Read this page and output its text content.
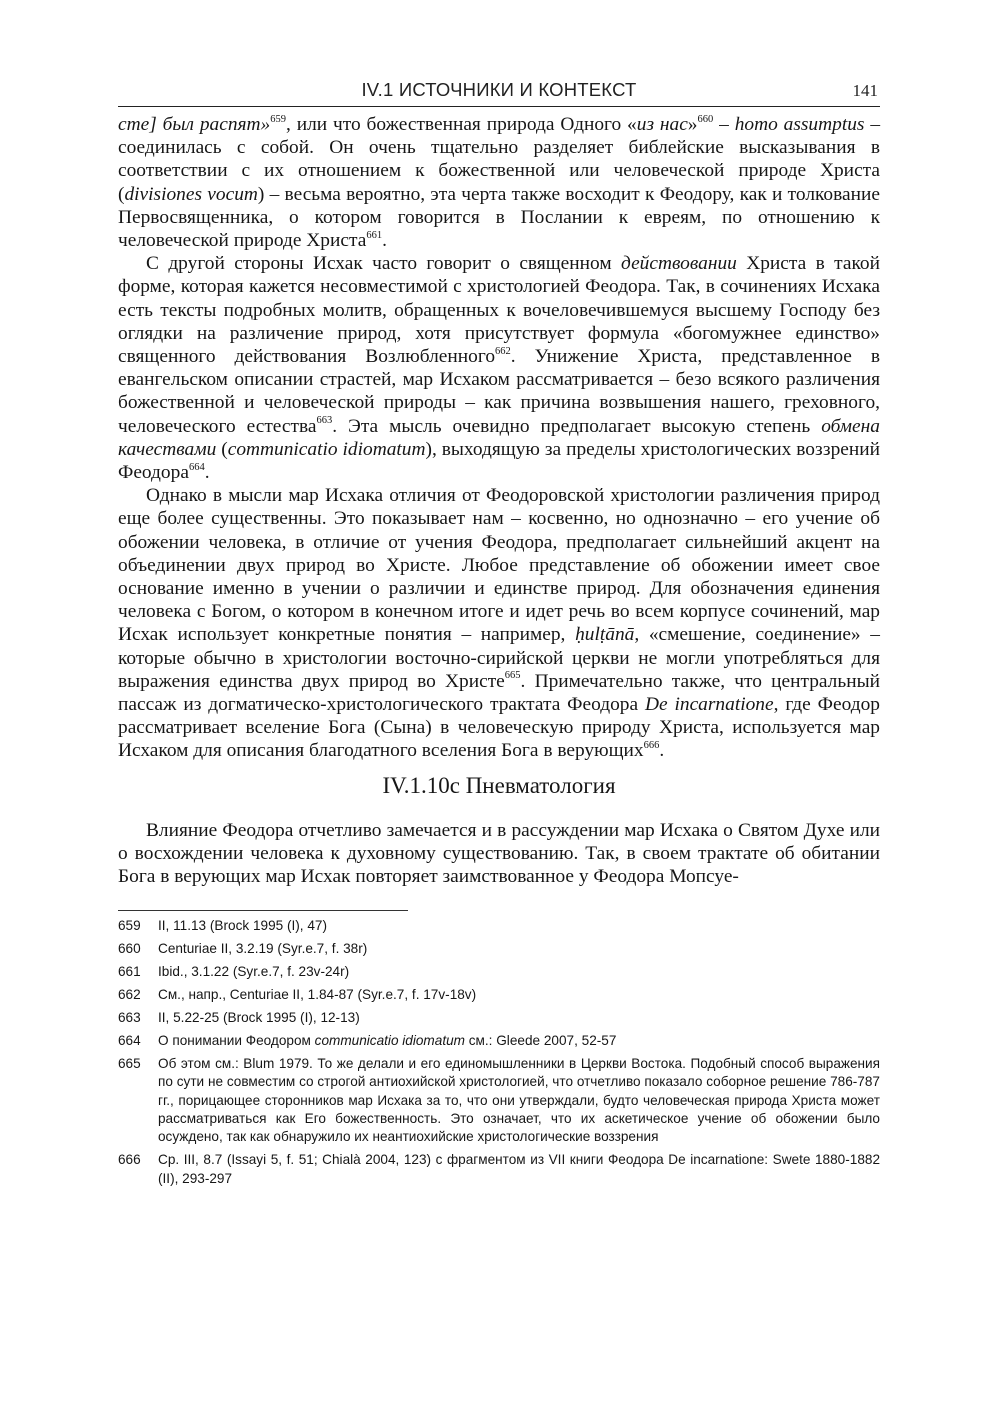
IV.1 ИСТОЧНИКИ И КОНТЕКСТ	141

сте] был распят»$^{659}$, или что божественная природа Одного «из нас»$^{660}$ – homo assumptus – соединилась с собой. Он очень тщательно разделяет библейские высказывания в соответствии с их отношением к божественной или человеческой природе Христа (divisiones vocum) – весьма вероятно, эта черта также восходит к Феодору, как и толкование Первосвященника, о котором говорится в Послании к евреям, по отношению к человеческой природе Христа$^{661}$.

С другой стороны Исхак часто говорит о священном действовании Христа в такой форме, которая кажется несовместимой с христологией Феодора. Так, в сочинениях Исхака есть тексты подробных молитв, обращенных к вочеловечившемуся высшему Господу без оглядки на различение природ, хотя присутствует формула «богомужнее единство» священного действования Возлюбленного$^{662}$. Унижение Христа, представленное в евангельском описании страстей, мар Исхаком рассматривается – безо всякого различения божественной и человеческой природы – как причина возвышения нашего, греховного, человеческого естества$^{663}$. Эта мысль очевидно предполагает высокую степень обмена качествами (communicatio idiomatum), выходящую за пределы христологических воззрений Феодора$^{664}$.

Однако в мысли мар Исхака отличия от Феодоровской христологии различения природ еще более существенны. Это показывает нам – косвенно, но однозначно – его учение об обожении человека, в отличие от учения Феодора, предполагает сильнейший акцент на объединении двух природ во Христе. Любое представление об обожении имеет свое основание именно в учении о различии и единстве природ. Для обозначения единения человека с Богом, о котором в конечном итоге и идет речь во всем корпусе сочинений, мар Исхак использует конкретные понятия – например, ḥulṭānā, «смешение, соединение» – которые обычно в христологии восточно-сирийской церкви не могли употребляться для выражения единства двух природ во Христе$^{665}$. Примечательно также, что центральный пассаж из догматическо-христологического трактата Феодора De incarnatione, где Феодор рассматривает вселение Бога (Сына) в человеческую природу Христа, используется мар Исхаком для описания благодатного вселения Бога в верующих$^{666}$.

IV.1.10c Пневматология

Влияние Феодора отчетливо замечается и в рассуждении мар Исхака о Святом Духе или о восхождении человека к духовному существованию. Так, в своем трактате об обитании Бога в верующих мар Исхак повторяет заимствованное у Феодора Мопсуе-

659	II, 11.13 (Brock 1995 (I), 47)
660	Centuriae II, 3.2.19 (Syr.e.7, f. 38r)
661	Ibid., 3.1.22 (Syr.e.7, f. 23v-24r)
662	См., напр., Centuriae II, 1.84-87 (Syr.e.7, f. 17v-18v)
663	II, 5.22-25 (Brock 1995 (I), 12-13)
664	О понимании Феодором communicatio idiomatum см.: Gleede 2007, 52-57
665	Об этом см.: Blum 1979. То же делали и его единомышленники в Церкви Востока. Подобный способ выражения по сути не совместим со строгой антиохийской христологией, что отчетливо показало соборное решение 786-787 гг., порицающее сторонников мар Исхака за то, что они утверждали, будто человеческая природа Христа может рассматриваться как Его божественность. Это означает, что их аскетическое учение об обожении было осуждено, так как обнаружило их неантиохийские христологические воззрения
666	Ср. III, 8.7 (Issayi 5, f. 51; Chialà 2004, 123) с фрагментом из VII книги Феодора De incarnatione: Swete 1880-1882 (II), 293-297
